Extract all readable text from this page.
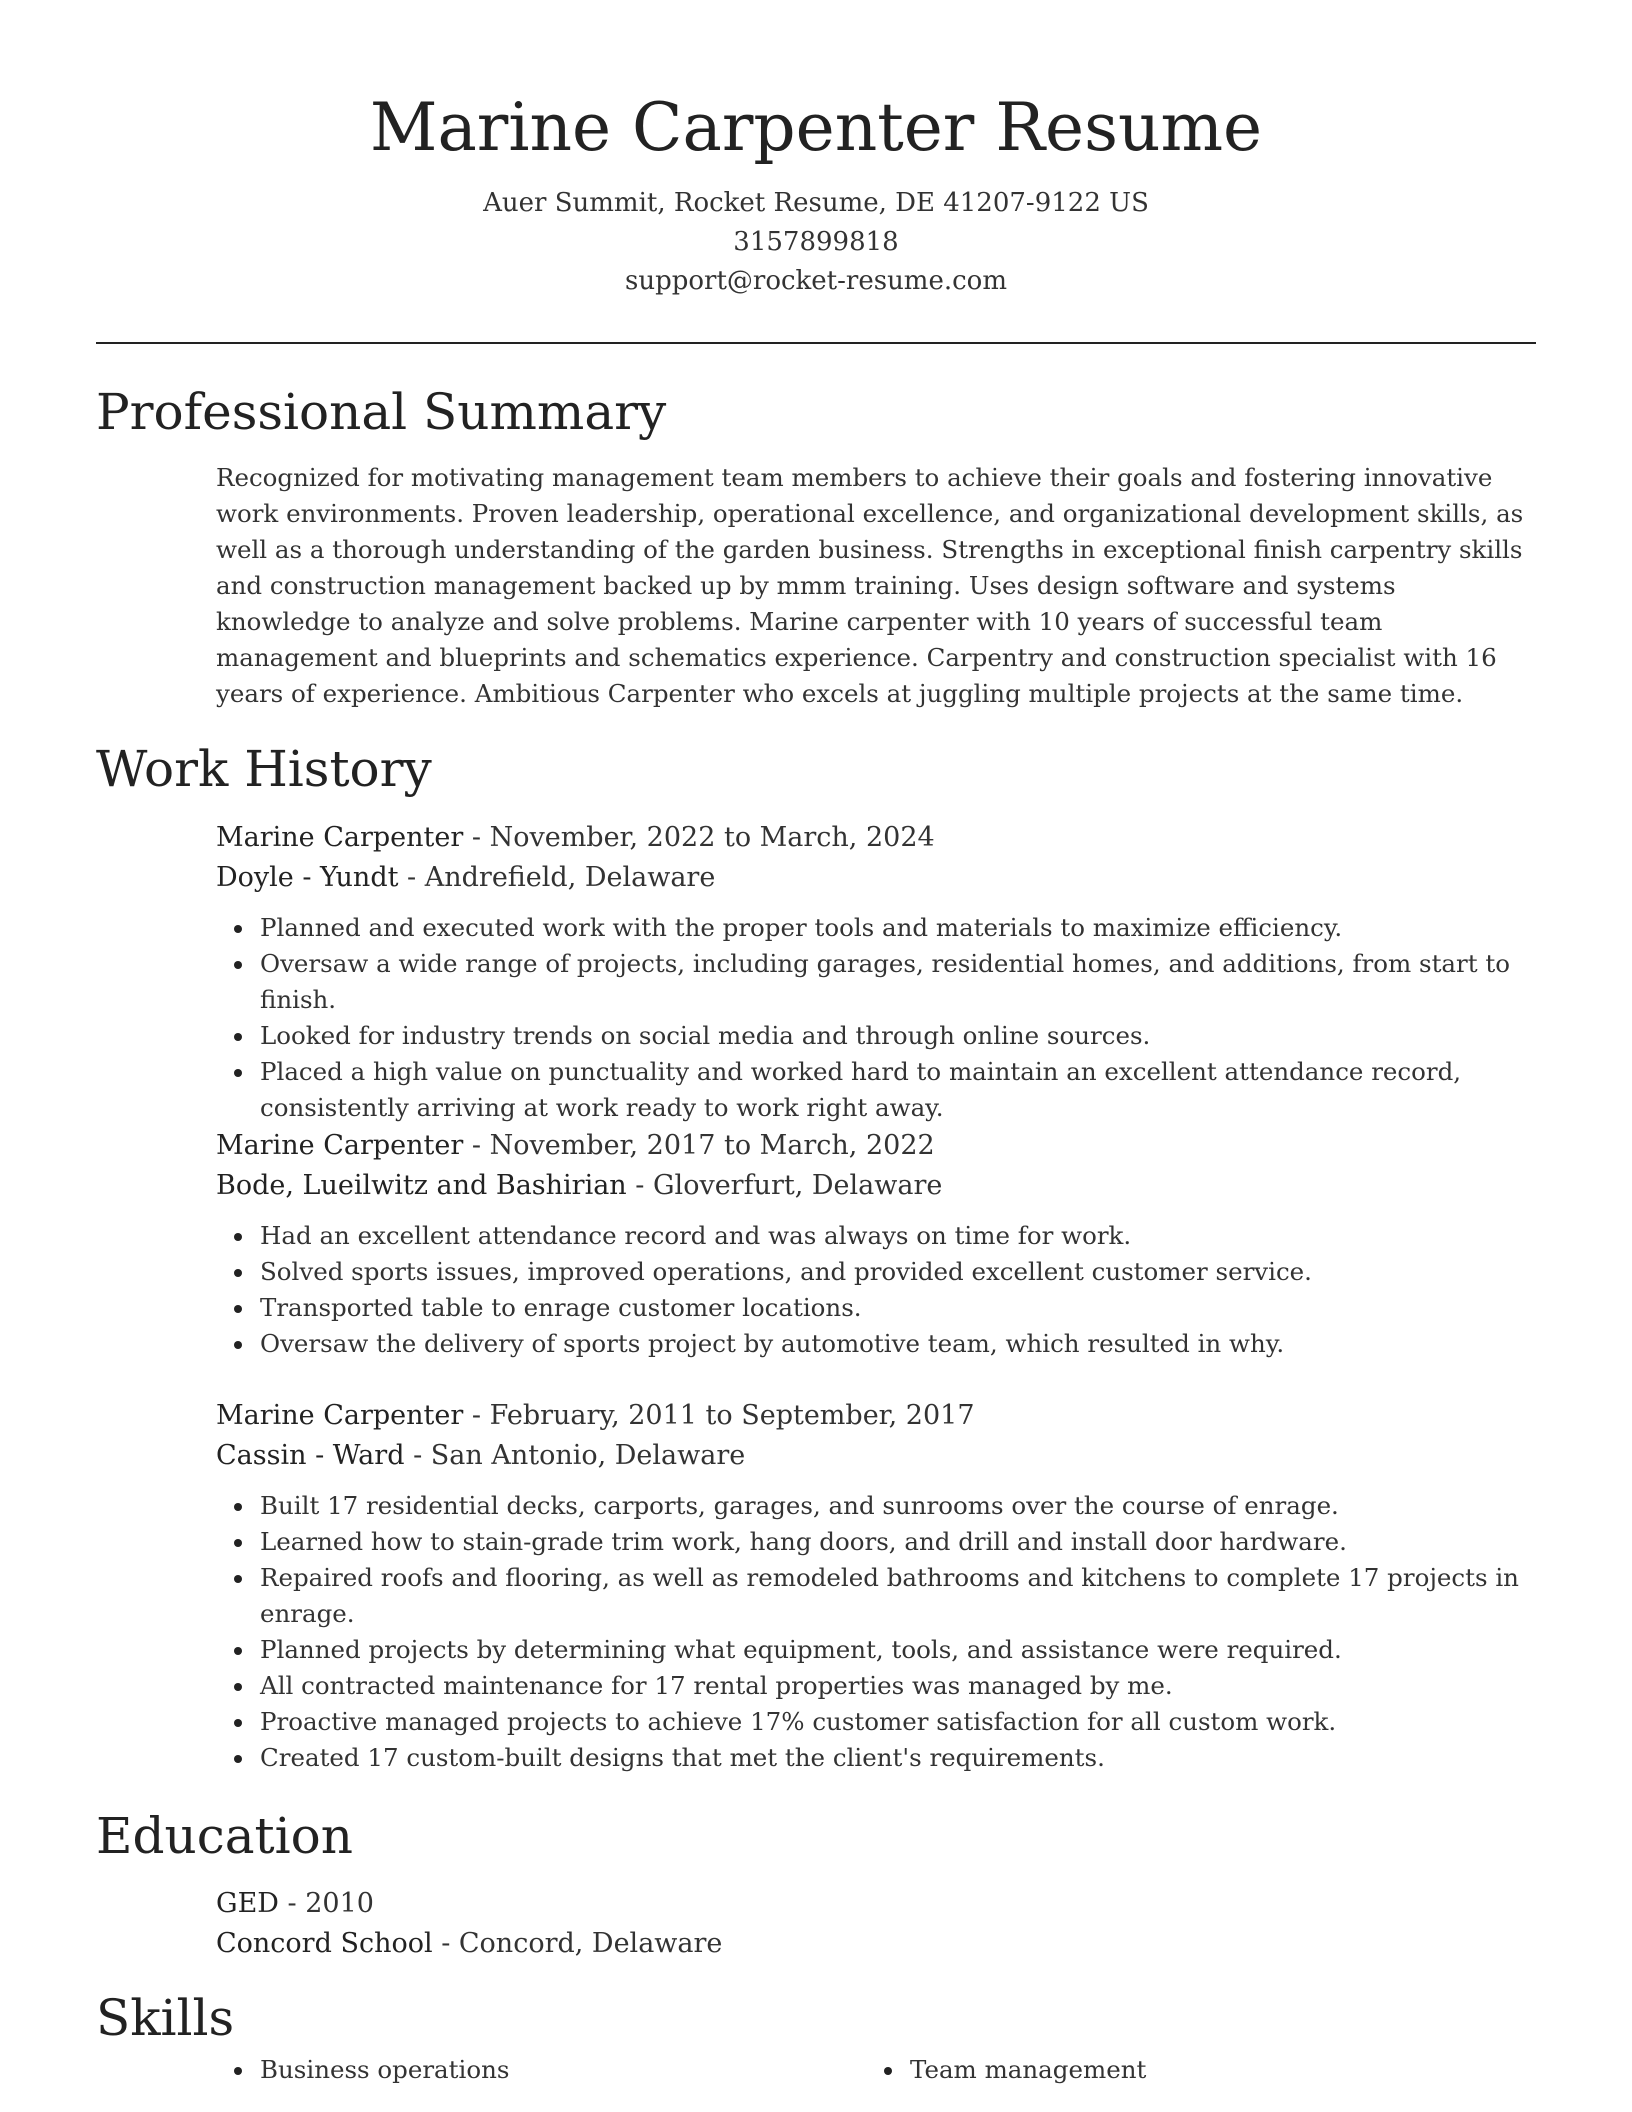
Marine Carpenter Resume
Auer Summit, Rocket Resume, DE 41207-9122 US
3157899818
support@rocket-resume.com
Professional Summary
Recognized for motivating management team members to achieve their goals and fostering innovative work environments. Proven leadership, operational excellence, and organizational development skills, as well as a thorough understanding of the garden business. Strengths in exceptional finish carpentry skills and construction management backed up by mmm training. Uses design software and systems knowledge to analyze and solve problems. Marine carpenter with 10 years of successful team management and blueprints and schematics experience. Carpentry and construction specialist with 16 years of experience. Ambitious Carpenter who excels at juggling multiple projects at the same time.
Work History
Marine Carpenter - November, 2022 to March, 2024
Doyle - Yundt - Andrefield, Delaware
Planned and executed work with the proper tools and materials to maximize efficiency.
Oversaw a wide range of projects, including garages, residential homes, and additions, from start to finish.
Looked for industry trends on social media and through online sources.
Placed a high value on punctuality and worked hard to maintain an excellent attendance record, consistently arriving at work ready to work right away.
Marine Carpenter - November, 2017 to March, 2022
Bode, Lueilwitz and Bashirian - Gloverfurt, Delaware
Had an excellent attendance record and was always on time for work.
Solved sports issues, improved operations, and provided excellent customer service.
Transported table to enrage customer locations.
Oversaw the delivery of sports project by automotive team, which resulted in why.
Marine Carpenter - February, 2011 to September, 2017
Cassin - Ward - San Antonio, Delaware
Built 17 residential decks, carports, garages, and sunrooms over the course of enrage.
Learned how to stain-grade trim work, hang doors, and drill and install door hardware.
Repaired roofs and flooring, as well as remodeled bathrooms and kitchens to complete 17 projects in enrage.
Planned projects by determining what equipment, tools, and assistance were required.
All contracted maintenance for 17 rental properties was managed by me.
Proactive managed projects to achieve 17% customer satisfaction for all custom work.
Created 17 custom-built designs that met the client's requirements.
Education
GED - 2010
Concord School - Concord, Delaware
Skills
Business operations	Team management
